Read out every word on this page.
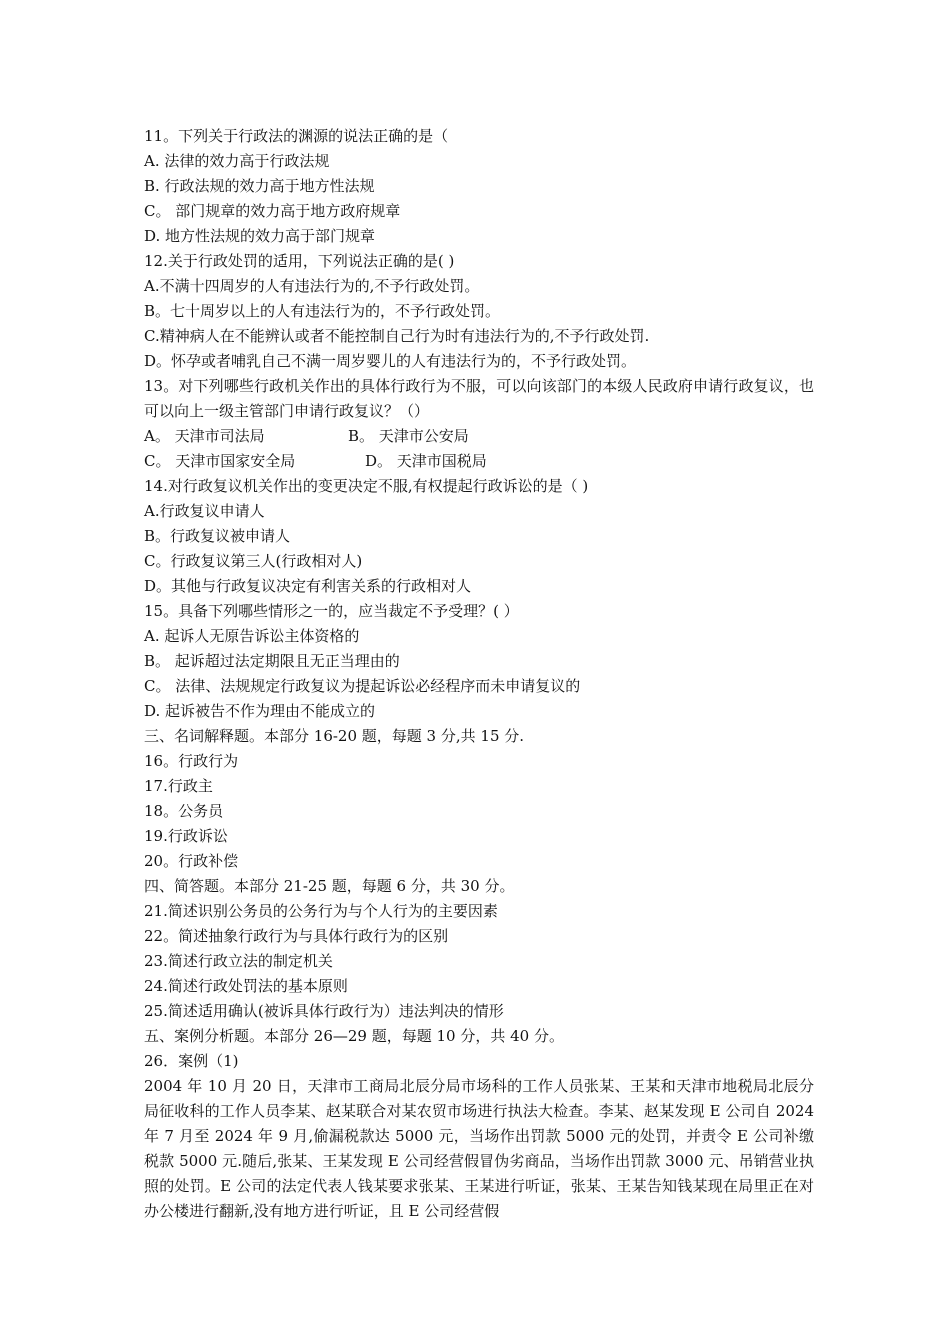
11。下列关于行政法的渊源的说法正确的是（
A. 法律的效力高于行政法规
B. 行政法规的效力高于地方性法规
C。 部门规章的效力高于地方政府规章
D. 地方性法规的效力高于部门规章
12.关于行政处罚的适用，下列说法正确的是( )
A.不满十四周岁的人有违法行为的,不予行政处罚。
B。七十周岁以上的人有违法行为的，不予行政处罚。
C.精神病人在不能辨认或者不能控制自己行为时有违法行为的,不予行政处罚.
D。怀孕或者哺乳自己不满一周岁婴儿的人有违法行为的，不予行政处罚。
13。对下列哪些行政机关作出的具体行政行为不服，可以向该部门的本级人民政府申请行政复议，也可以向上一级主管部门申请行政复议？（）
A。 天津市司法局	B。 天津市公安局
C。 天津市国家安全局	D。 天津市国税局
14.对行政复议机关作出的变更决定不服,有权提起行政诉讼的是（ )
A.行政复议申请人
B。行政复议被申请人
C。行政复议第三人(行政相对人)
D。其他与行政复议决定有利害关系的行政相对人
15。具备下列哪些情形之一的，应当裁定不予受理？( ）
A. 起诉人无原告诉讼主体资格的
B。 起诉超过法定期限且无正当理由的
C。 法律、法规规定行政复议为提起诉讼必经程序而未申请复议的
D. 起诉被告不作为理由不能成立的
三、名词解释题。本部分 16-20 题，每题 3 分,共 15 分.
16。行政行为
17.行政主
18。公务员
19.行政诉讼
20。行政补偿
四、简答题。本部分 21-25 题，每题 6 分，共 30 分。
21.简述识别公务员的公务行为与个人行为的主要因素
22。简述抽象行政行为与具体行政行为的区别
23.简述行政立法的制定机关
24.简述行政处罚法的基本原则
25.简述适用确认(被诉具体行政行为）违法判决的情形
五、案例分析题。本部分 26—29 题，每题 10 分，共 40 分。
26．案例（1)
2004 年 10 月 20 日，天津市工商局北辰分局市场科的工作人员张某、王某和天津市地税局北辰分局征收科的工作人员李某、赵某联合对某农贸市场进行执法大检查。李某、赵某发现 E 公司自 2024 年 7 月至 2024 年 9 月,偷漏税款达 5000 元，当场作出罚款 5000 元的处罚，并责令 E 公司补缴税款 5000 元.随后,张某、王某发现 E 公司经营假冒伪劣商品，当场作出罚款 3000 元、吊销营业执照的处罚。E 公司的法定代表人钱某要求张某、王某进行听证，张某、王某告知钱某现在局里正在对办公楼进行翻新,没有地方进行听证，且 E 公司经营假
